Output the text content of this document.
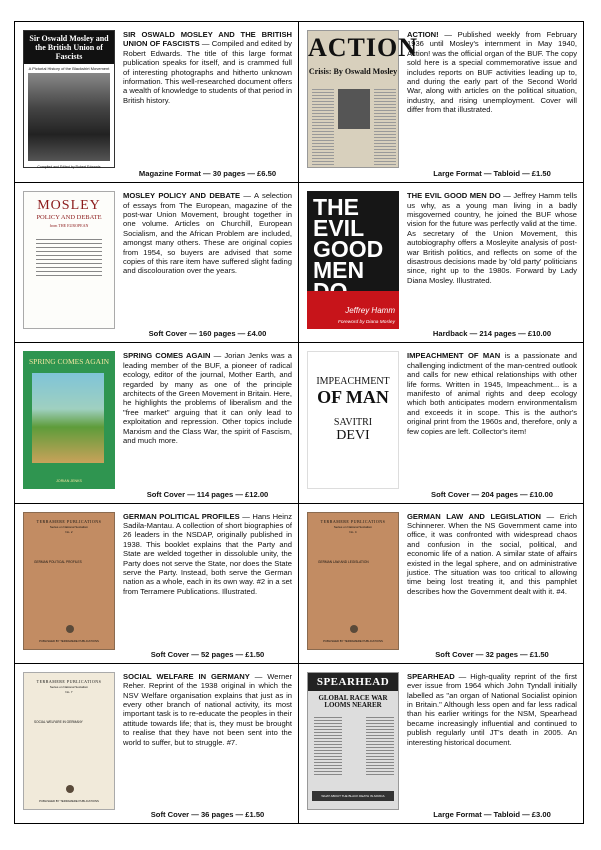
Sir Oswald Mosley and the British Union of Fascists
A Pictorial History of the Blackshirt Movement
Compiled and Edited by Robert Edwards
SIR OSWALD MOSLEY AND THE BRITISH UNION OF FASCISTS — Compiled and edited by Robert Edwards. The title of this large format publication speaks for itself, and is crammed full of interesting photographs and hitherto unknown information. This well-researched document offers a wealth of knowledge to students of that period in British history.
Magazine Format — 30 pages — £6.50
ACTION
Crisis: By Oswald Mosley
ACTION! — Published weekly from February 1936 until Mosley's internment in May 1940, Action! was the official organ of the BUF. The copy sold here is a special commemorative issue and includes reports on BUF activities leading up to, and during the early part of the Second World War, along with articles on the political situation, industry, and rising unemployment. Cover will differ from that illustrated.
Large Format — Tabloid — £1.50
MOSLEY
POLICY AND DEBATE
from THE EUROPEAN
MOSLEY POLICY AND DEBATE — A selection of essays from The European, magazine of the post-war Union Movement, brought together in one volume. Articles on Churchill, European Socialism, and the African Problem are included, amongst many others. These are original copies from 1954, so buyers are advised that some copies of this rare item have suffered slight fading and discolouration over the years.
Soft Cover — 160 pages — £4.00
THE EVIL GOOD MEN
Jeffrey Hamm
Foreword by Diana Mosley
THE EVIL GOOD MEN DO — Jeffrey Hamm tells us why, as a young man living in a badly misgoverned country, he joined the BUF whose vision for the future was perfectly valid at the time. As secretary of the Union Movement, this autobiography offers a Mosleyite analysis of post-war British politics, and reflects on some of the disastrous decisions made by 'old party' politicians since, right up to the 1980s. Forward by Lady Diana Mosley. Illustrated.
Hardback — 214 pages — £10.00
SPRING COMES AGAIN
JORIAN JENKS
SPRING COMES AGAIN — Jorian Jenks was a leading member of the BUF, a pioneer of radical ecology, editor of the journal, Mother Earth, and regarded by many as one of the principle architects of the Green Movement in Britain. Here, he highlights the problems of liberalism and the "free market" arguing that it can only lead to exploitation and repression. Other topics include Marxism and the Class War, the spirit of Fascism, and much more.
Soft Cover — 114 pages — £12.00
IMPEACHMENT
OF MAN
SAVITRI
DEVI
IMPEACHMENT OF MAN is a passionate and challenging indictment of the man-centred outlook and calls for new ethical relationships with other life forms. Written in 1945, Impeachment... is a manifesto of animal rights and deep ecology which both anticipates modern environmentalism and exceeds it in scope. This is the author's original print from the 1960s and, therefore, only a few copies are left. Collector's item!
Soft Cover — 204 pages — £10.00
TERRAMERE PUBLICATIONS
Series on National Socialism
No. 2
GERMAN POLITICAL PROFILES
PUBLISHED BY TERRAMERE PUBLICATIONS
GERMAN POLITICAL PROFILES — Hans Heinz Sadila-Mantau. A collection of short biographies of 26 leaders in the NSDAP, originally published in 1938. This booklet explains that the Party and State are welded together in dissoluble unity, the Party does not serve the State, nor does the State serve the Party. Instead, both serve the German nation as a whole, each in its own way. #2 in a set from Terramere Publications. Illustrated.
Soft Cover — 52 pages — £1.50
TERRAMERE PUBLICATIONS
Series on National Socialism
No. 4
GERMAN LAW AND LEGISLATION
PUBLISHED BY TERRAMERE PUBLICATIONS
GERMAN LAW AND LEGISLATION — Erich Schinnerer. When the NS Government came into office, it was confronted with widespread chaos and confusion in the social, political, and economic life of a nation. A similar state of affairs existed in the legal sphere, and on administrative justice. The situation was too critical to allowing time being lost treating it, and this pamphlet describes how the Government dealt with it. #4.
Soft Cover — 32 pages — £1.50
TERRAMERE PUBLICATIONS
Series on National Socialism
No. 7
SOCIAL WELFARE IN GERMANY
PUBLISHED BY TERRAMERE PUBLICATIONS
SOCIAL WELFARE IN GERMANY — Werner Reher. Reprint of the 1938 original in which the NSV Welfare organisation explains that just as in every other branch of national activity, its most important task is to re-educate the peoples in their attitude towards life; that is, they must be brought to realise that they have not been sent into the world to suffer, but to struggle. #7.
Soft Cover — 36 pages — £1.50
SPEARHEAD
GLOBAL RACE WAR LOOMS NEARER
WHAT ABOUT THE BLACK DEATH IN AFRICA
SPEARHEAD — High-quality reprint of the first ever issue from 1964 which John Tyndall initially labelled as "an organ of National Socialist opinion in Britain." Although less open and far less radical than his earlier writings for the NSM, Spearhead became increasingly influential and continued to publish regularly until JT's death in 2005. An interesting historical document.
Large Format — Tabloid — £3.00
